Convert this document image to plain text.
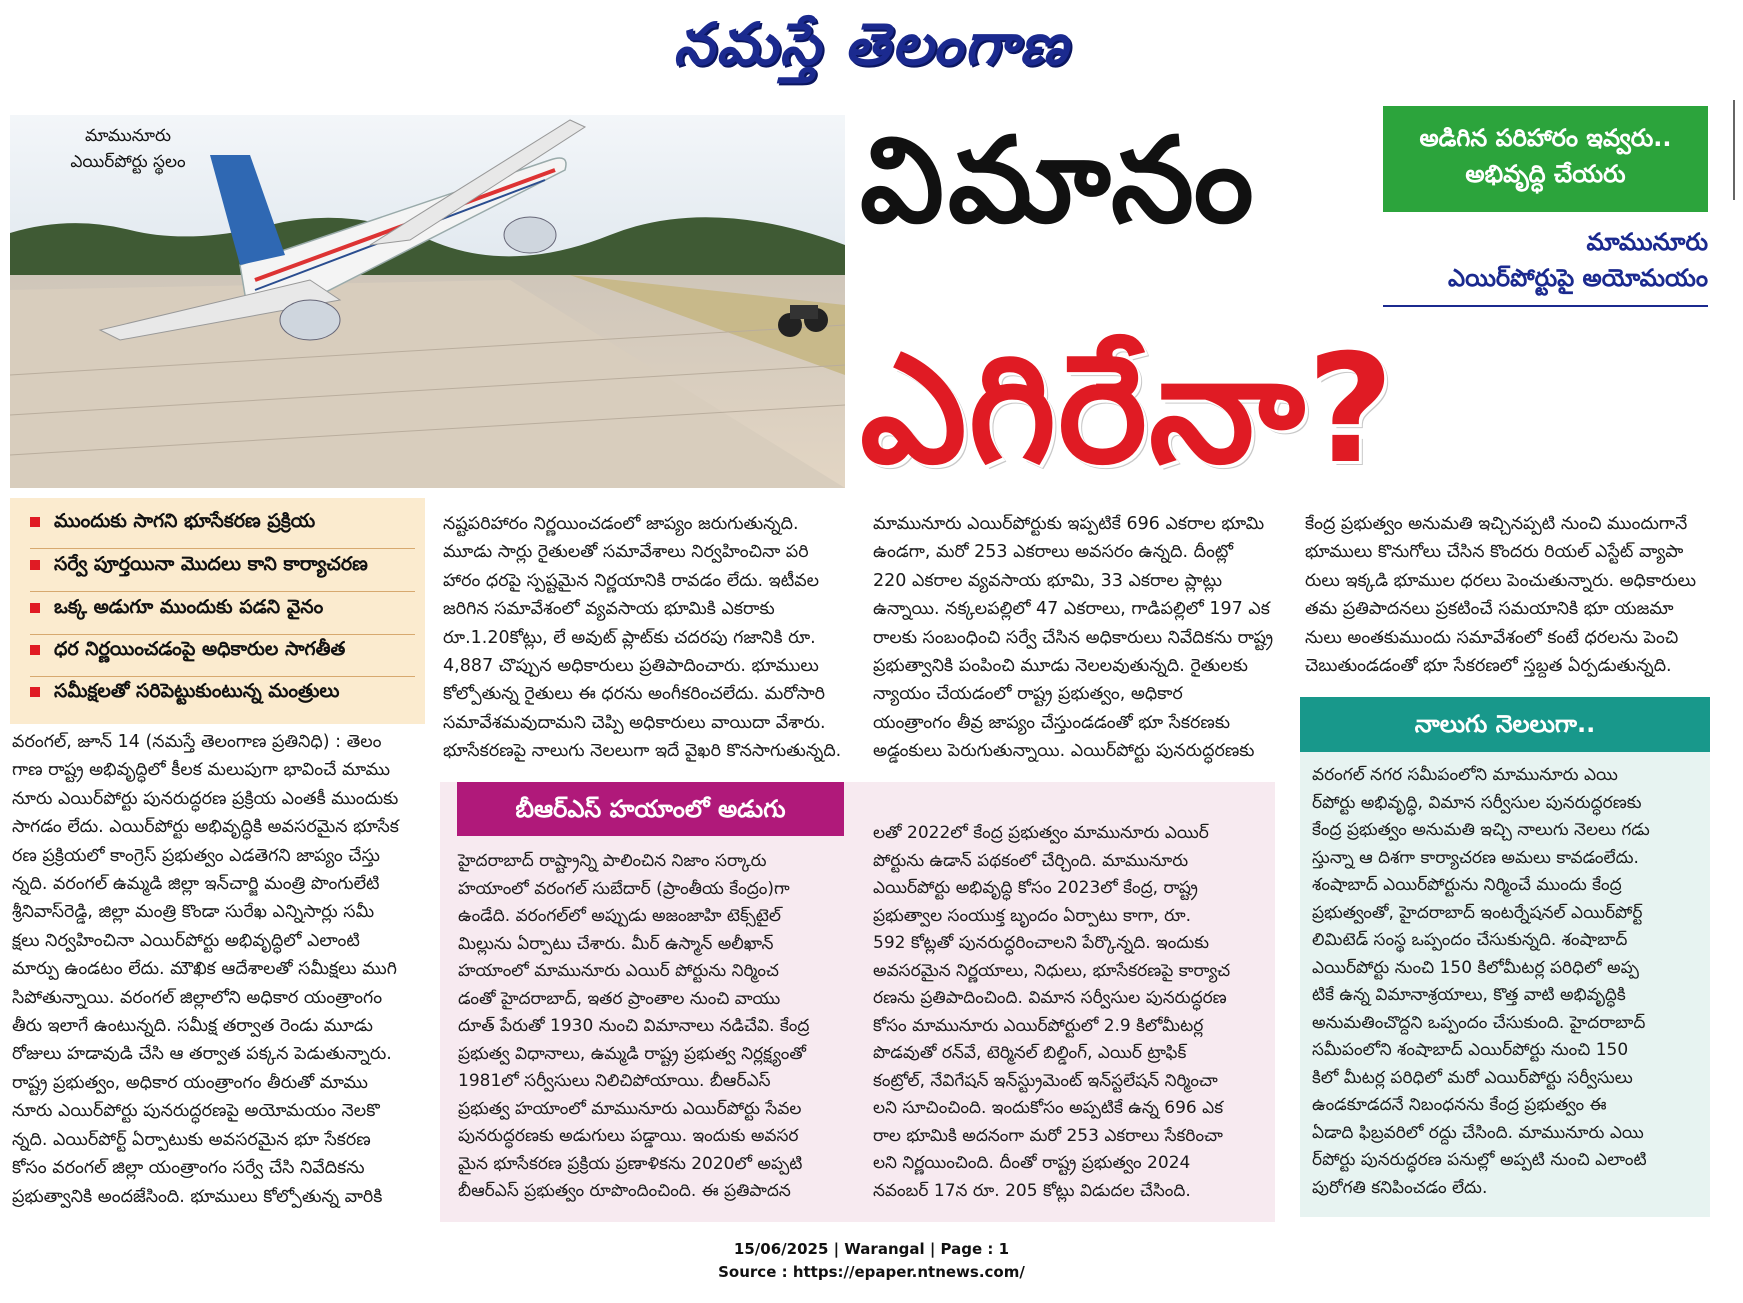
నమస్తే తెలంగాణ
మామునూరు
ఎయిర్‌పోర్టు స్థలం	విమానం
ఎగిరేనా?
అడిగిన పరిహారం ఇవ్వరు..
అభివృద్ధి చేయరు
మామునూరు
ఎయిర్‌పోర్టుపై అయోమయం
ముందుకు సాగని భూసేకరణ ప్రక్రియ
సర్వే పూర్తయినా మొదలు కాని కార్యాచరణ
ఒక్క అడుగూ ముందుకు పడని వైనం
ధర నిర్ణయించడంపై అధికారుల సాగతీత
సమీక్షలతో సరిపెట్టుకుంటున్న మంత్రులు
వరంగల్, జూన్ 14 (నమస్తే తెలంగాణ ప్రతినిధి) : తెలం
గాణ రాష్ట్ర అభివృద్ధిలో కీలక మలుపుగా భావించే మాము
నూరు ఎయిర్‌పోర్టు పునరుద్ధరణ ప్రక్రియ ఎంతకీ ముందుకు
సాగడం లేదు. ఎయిర్‌పోర్టు అభివృద్ధికి అవసరమైన భూసేక
రణ ప్రక్రియలో కాంగ్రెస్ ప్రభుత్వం ఎడతెగని జాప్యం చేస్తు
న్నది. వరంగల్ ఉమ్మడి జిల్లా ఇన్‌చార్జి మంత్రి పొంగులేటి
శ్రీనివాస్‌రెడ్డి, జిల్లా మంత్రి కొండా సురేఖ ఎన్నిసార్లు సమీ
క్షలు నిర్వహించినా ఎయిర్‌పోర్టు అభివృద్ధిలో ఎలాంటి
మార్పు ఉండటం లేదు. మౌఖిక ఆదేశాలతో సమీక్షలు ముగి
సిపోతున్నాయి. వరంగల్ జిల్లాలోని అధికార యంత్రాంగం
తీరు ఇలాగే ఉంటున్నది. సమీక్ష తర్వాత రెండు మూడు
రోజులు హడావుడి చేసి ఆ తర్వాత పక్కన పెడుతున్నారు.
రాష్ట్ర ప్రభుత్వం, అధికార యంత్రాంగం తీరుతో మాము
నూరు ఎయిర్‌పోర్టు పునరుద్ధరణపై అయోమయం నెలకొ
న్నది. ఎయిర్‌పోర్ట్ ఏర్పాటుకు అవసరమైన భూ సేకరణ
కోసం వరంగల్ జిల్లా యంత్రాంగం సర్వే చేసి నివేదికను
ప్రభుత్వానికి అందజేసింది. భూములు కోల్పోతున్న వారికి
నష్టపరిహారం నిర్ణయించడంలో జాప్యం జరుగుతున్నది.
మూడు సార్లు రైతులతో సమావేశాలు నిర్వహించినా పరి
హారం ధరపై స్పష్టమైన నిర్ణయానికి రావడం లేదు. ఇటీవల
జరిగిన సమావేశంలో వ్యవసాయ భూమికి ఎకరాకు
రూ.1.20కోట్లు, లే అవుట్ ప్లాట్‌కు చదరపు గజానికి రూ.
4,887 చొప్పున అధికారులు ప్రతిపాదించారు. భూములు
కోల్పోతున్న రైతులు ఈ ధరను అంగీకరించలేదు. మరోసారి
సమావేశమవుదామని చెప్పి అధికారులు వాయిదా వేశారు.
భూసేకరణపై నాలుగు నెలలుగా ఇదే వైఖరి కొనసాగుతున్నది.
మామునూరు ఎయిర్‌పోర్టుకు ఇప్పటికే 696 ఎకరాల భూమి
ఉండగా, మరో 253 ఎకరాలు అవసరం ఉన్నది. దీంట్లో
220 ఎకరాల వ్యవసాయ భూమి, 33 ఎకరాల ప్లాట్లు
ఉన్నాయి. నక్కలపల్లిలో 47 ఎకరాలు, గాడిపల్లిలో 197 ఎక
రాలకు సంబంధించి సర్వే చేసిన అధికారులు నివేదికను రాష్ట్ర
ప్రభుత్వానికి పంపించి మూడు నెలలవుతున్నది. రైతులకు
న్యాయం చేయడంలో రాష్ట్ర ప్రభుత్వం, అధికార
యంత్రాంగం తీవ్ర జాప్యం చేస్తుండడంతో భూ సేకరణకు
అడ్డంకులు పెరుగుతున్నాయి. ఎయిర్‌పోర్టు పునరుద్ధరణకు
కేంద్ర ప్రభుత్వం అనుమతి ఇచ్చినప్పటి నుంచి ముందుగానే
భూములు కొనుగోలు చేసిన కొందరు రియల్ ఎస్టేట్ వ్యాపా
రులు ఇక్కడి భూముల ధరలు పెంచుతున్నారు. అధికారులు
తమ ప్రతిపాదనలు ప్రకటించే సమయానికి భూ యజమా
నులు అంతకుముందు సమావేశంలో కంటే ధరలను పెంచి
చెబుతుండడంతో భూ సేకరణలో స్తబ్దత ఏర్పడుతున్నది.
బీఆర్‌ఎస్ హయాంలో అడుగు
హైదరాబాద్ రాష్ట్రాన్ని పాలించిన నిజాం సర్కారు
హయాంలో వరంగల్ సుబేదార్ (ప్రాంతీయ కేంద్రం)గా
ఉండేది. వరంగల్‌లో అప్పుడు అజంజాహి టెక్స్‌టైల్
మిల్లును ఏర్పాటు చేశారు. మీర్ ఉస్మాన్ అలీఖాన్
హయాంలో మామునూరు ఎయిర్ పోర్టును నిర్మించ
డంతో హైదరాబాద్, ఇతర ప్రాంతాల నుంచి వాయు
దూత్ పేరుతో 1930 నుంచి విమానాలు నడిచేవి. కేంద్ర
ప్రభుత్వ విధానాలు, ఉమ్మడి రాష్ట్ర ప్రభుత్వ నిర్లక్ష్యంతో
1981లో సర్వీసులు నిలిచిపోయాయి. బీఆర్‌ఎస్
ప్రభుత్వ హయాంలో మామునూరు ఎయిర్‌పోర్టు సేవల
పునరుద్ధరణకు అడుగులు పడ్డాయి. ఇందుకు అవసర
మైన భూసేకరణ ప్రక్రియ ప్రణాళికను 2020లో అప్పటి
బీఆర్‌ఎస్ ప్రభుత్వం రూపొందించింది. ఈ ప్రతిపాదన
లతో 2022లో కేంద్ర ప్రభుత్వం మామునూరు ఎయిర్
పోర్టును ఉడాన్ పథకంలో చేర్చింది. మామునూరు
ఎయిర్‌పోర్టు అభివృద్ధి కోసం 2023లో కేంద్ర, రాష్ట్ర
ప్రభుత్వాల సంయుక్త బృందం ఏర్పాటు కాగా, రూ.
592 కోట్లతో పునరుద్ధరించాలని పేర్కొన్నది. ఇందుకు
అవసరమైన నిర్ణయాలు, నిధులు, భూసేకరణపై కార్యాచ
రణను ప్రతిపాదించింది. విమాన సర్వీసుల పునరుద్ధరణ
కోసం మామునూరు ఎయిర్‌పోర్టులో 2.9 కిలోమీటర్ల
పొడవుతో రన్‌వే, టెర్మినల్ బిల్డింగ్, ఎయిర్ ట్రాఫిక్
కంట్రోల్, నేవిగేషన్ ఇన్‌స్ట్రుమెంట్ ఇన్‌స్టలేషన్ నిర్మించా
లని సూచించింది. ఇందుకోసం అప్పటికే ఉన్న 696 ఎక
రాల భూమికి అదనంగా మరో 253 ఎకరాలు సేకరించా
లని నిర్ణయించింది. దీంతో రాష్ట్ర ప్రభుత్వం 2024
నవంబర్ 17న రూ. 205 కోట్లు విడుదల చేసింది.
నాలుగు నెలలుగా..
వరంగల్ నగర సమీపంలోని మామునూరు ఎయి
ర్‌పోర్టు అభివృద్ధి, విమాన సర్వీసుల పునరుద్ధరణకు
కేంద్ర ప్రభుత్వం అనుమతి ఇచ్చి నాలుగు నెలలు గడు
స్తున్నా ఆ దిశగా కార్యాచరణ అమలు కావడంలేదు.
శంషాబాద్ ఎయిర్‌పోర్టును నిర్మించే ముందు కేంద్ర
ప్రభుత్వంతో, హైదరాబాద్ ఇంటర్నేషనల్ ఎయిర్‌పోర్ట్
లిమిటెడ్ సంస్థ ఒప్పందం చేసుకున్నది. శంషాబాద్
ఎయిర్‌పోర్టు నుంచి 150 కిలోమీటర్ల పరిధిలో అప్ప
టికే ఉన్న విమానాశ్రయాలు, కొత్త వాటి అభివృద్ధికి
అనుమతించొద్దని ఒప్పందం చేసుకుంది. హైదరాబాద్
సమీపంలోని శంషాబాద్ ఎయిర్‌పోర్టు నుంచి 150
కిలో మీటర్ల పరిధిలో మరో ఎయిర్‌పోర్టు సర్వీసులు
ఉండకూడదనే నిబంధనను కేంద్ర ప్రభుత్వం ఈ
ఏడాది ఫిబ్రవరిలో రద్దు చేసింది. మామునూరు ఎయి
ర్‌పోర్టు పునరుద్ధరణ పనుల్లో అప్పటి నుంచి ఎలాంటి
పురోగతి కనిపించడం లేదు.
15/06/2025 | Warangal | Page : 1
Source : https://epaper.ntnews.com/
